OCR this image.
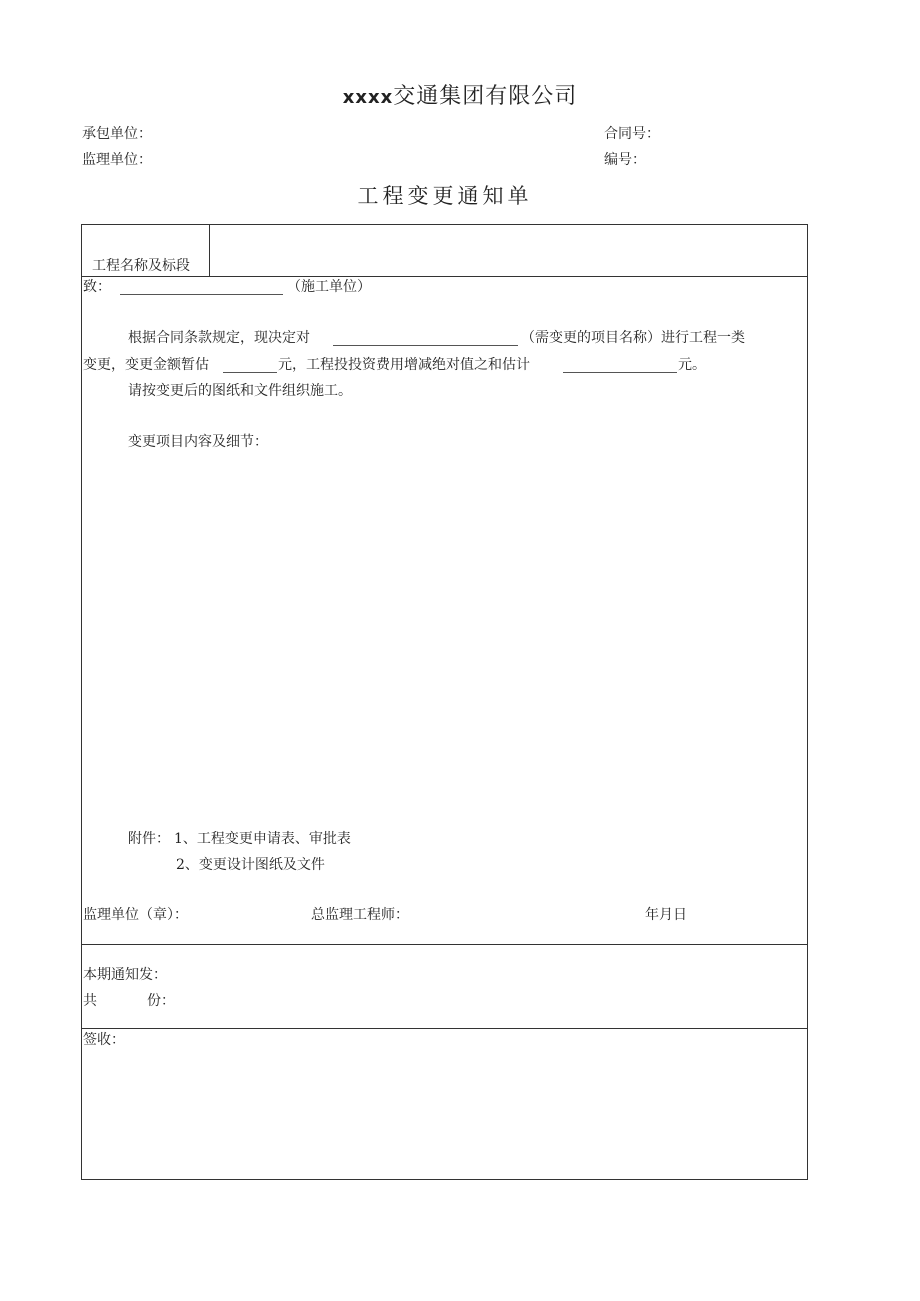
xxxx交通集团有限公司
承包单位：	合同号：
监理单位：	编号：
工程变更通知单
工程名称及标段
致：	（施工单位）
根据合同条款规定，现决定对	（需变更的项目名称）进行工程一类
变更，变更金额暂估	元，工程投投资费用增减绝对值之和估计	元。
请按变更后的图纸和文件组织施工。
变更项目内容及细节：
附件： 1、工程变更申请表、审批表
2、变更设计图纸及文件
监理单位（章）：	总监理工程师：	年月日
本期通知发：
共	份：
签收：
